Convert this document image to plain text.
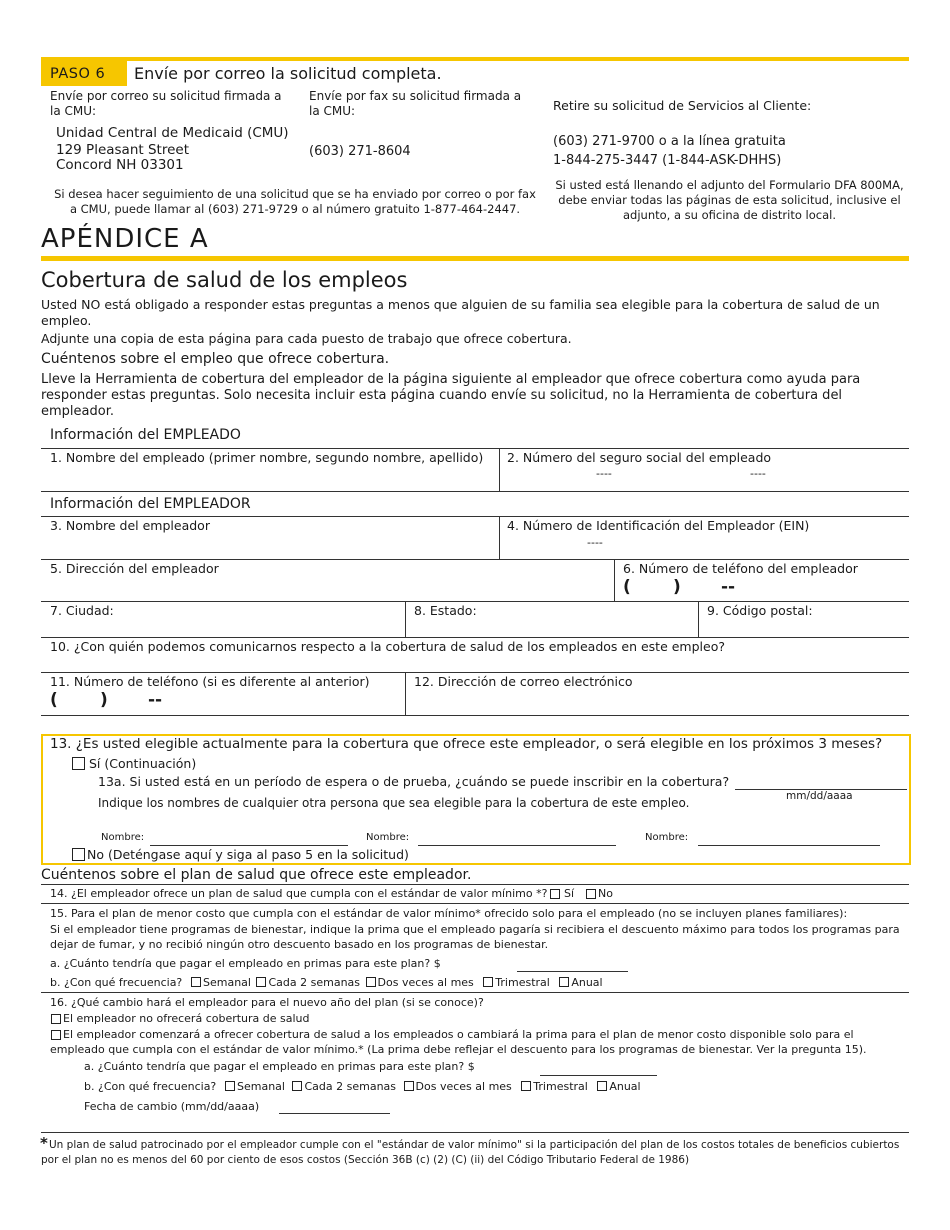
PASO 6 Envíe por correo la solicitud completa.
Envíe por correo su solicitud firmada a la CMU:
Unidad Central de Medicaid (CMU)
129 Pleasant Street
Concord NH 03301
Envíe por fax su solicitud firmada a la CMU:
(603) 271-8604
Retire su solicitud de Servicios al Cliente:
(603) 271-9700 o a la línea gratuita
1-844-275-3447 (1-844-ASK-DHHS)
Si desea hacer seguimiento de una solicitud que se ha enviado por correo o por fax a CMU, puede llamar al (603) 271-9729 o al número gratuito 1-877-464-2447.
Si usted está llenando el adjunto del Formulario DFA 800MA, debe enviar todas las páginas de esta solicitud, inclusive el adjunto, a su oficina de distrito local.
APÉNDICE A
Cobertura de salud de los empleos
Usted NO está obligado a responder estas preguntas a menos que alguien de su familia sea elegible para la cobertura de salud de un empleo.
Adjunte una copia de esta página para cada puesto de trabajo que ofrece cobertura.
Cuéntenos sobre el empleo que ofrece cobertura.
Lleve la Herramienta de cobertura del empleador de la página siguiente al empleador que ofrece cobertura como ayuda para responder estas preguntas. Solo necesita incluir esta página cuando envíe su solicitud, no la Herramienta de cobertura del empleador.
Información del EMPLEADO
1. Nombre del empleado (primer nombre, segundo nombre, apellido) 2. Número del seguro social del empleado
----	----
Información del EMPLEADOR
3. Nombre del empleador	4. Número de Identificación del Empleador (EIN)
----
5. Dirección del empleador	6. Número de teléfono del empleador
( ) --
7. Ciudad:	8. Estado:	9. Código postal:
10. ¿Con quién podemos comunicarnos respecto a la cobertura de salud de los empleados en este empleo?
11. Número de teléfono (si es diferente al anterior)
( ) --
12. Dirección de correo electrónico
13. ¿Es usted elegible actualmente para la cobertura que ofrece este empleador, o será elegible en los próximos 3 meses?
Sí (Continuación)
13a. Si usted está en un período de espera o de prueba, ¿cuándo se puede inscribir en la cobertura?
mm/dd/aaaa
Indique los nombres de cualquier otra persona que sea elegible para la cobertura de este empleo.
Nombre:	Nombre:	Nombre:
No (Deténgase aquí y siga al paso 5 en la solicitud)
Cuéntenos sobre el plan de salud que ofrece este empleador.
14. ¿El empleador ofrece un plan de salud que cumpla con el estándar de valor mínimo *? Sí No
15. Para el plan de menor costo que cumpla con el estándar de valor mínimo* ofrecido solo para el empleado (no se incluyen planes familiares):
Si el empleador tiene programas de bienestar, indique la prima que el empleado pagaría si recibiera el descuento máximo para todos los programas para dejar de fumar, y no recibió ningún otro descuento basado en los programas de bienestar.
a. ¿Cuánto tendría que pagar el empleado en primas para este plan? $
b. ¿Con qué frecuencia?	Semanal Cada 2 semanas Dos veces al mes Trimestral Anual
16. ¿Qué cambio hará el empleador para el nuevo año del plan (si se conoce)?
El empleador no ofrecerá cobertura de salud
El empleador comenzará a ofrecer cobertura de salud a los empleados o cambiará la prima para el plan de menor costo disponible solo para el empleado que cumpla con el estándar de valor mínimo.* (La prima debe reflejar el descuento para los programas de bienestar. Ver la pregunta 15).
a. ¿Cuánto tendría que pagar el empleado en primas para este plan? $
b. ¿Con qué frecuencia?	Semanal Cada 2 semanas Dos veces al mes Trimestral Anual
Fecha de cambio (mm/dd/aaaa)
* Un plan de salud patrocinado por el empleador cumple con el "estándar de valor mínimo" si la participación del plan de los costos totales de beneficios cubiertos por el plan no es menos del 60 por ciento de esos costos (Sección 36B (c) (2) (C) (ii) del Código Tributario Federal de 1986)
